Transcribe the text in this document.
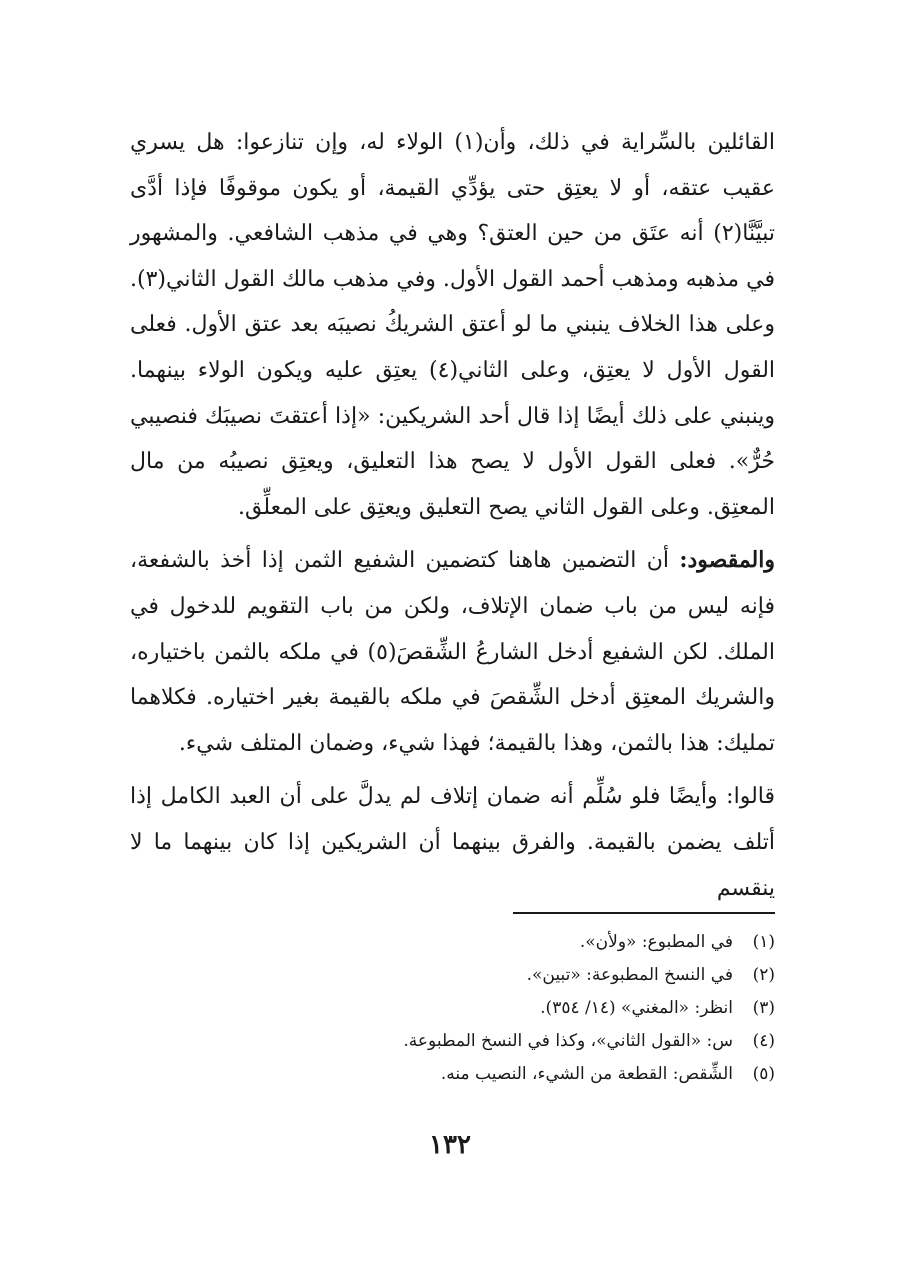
القائلين بالسِّراية في ذلك، وأن(١) الولاء له، وإن تنازعوا: هل يسري عقيب عتقه، أو لا يعتِق حتى يؤدِّي القيمة، أو يكون موقوفًا فإذا أدَّى تبيَّنَّا(٢) أنه عتَق من حين العتق؟ وهي في مذهب الشافعي. والمشهور في مذهبه ومذهب أحمد القول الأول. وفي مذهب مالك القول الثاني(٣). وعلى هذا الخلاف ينبني ما لو أعتق الشريكُ نصيبَه بعد عتق الأول. فعلى القول الأول لا يعتِق، وعلى الثاني(٤) يعتِق عليه ويكون الولاء بينهما. وينبني على ذلك أيضًا إذا قال أحد الشريكين: «إذا أعتقتَ نصيبَك فنصيبي حُرٌّ». فعلى القول الأول لا يصح هذا التعليق، ويعتِق نصيبُه من مال المعتِق. وعلى القول الثاني يصح التعليق ويعتِق على المعلِّق.

والمقصود: أن التضمين هاهنا كتضمين الشفيع الثمن إذا أخذ بالشفعة، فإنه ليس من باب ضمان الإتلاف، ولكن من باب التقويم للدخول في الملك. لكن الشفيع أدخل الشارعُ الشِّقصَ(٥) في ملكه بالثمن باختياره، والشريك المعتِق أدخل الشِّقصَ في ملكه بالقيمة بغير اختياره. فكلاهما تمليك: هذا بالثمن، وهذا بالقيمة؛ فهذا شيء، وضمان المتلف شيء.

قالوا: وأيضًا فلو سُلِّم أنه ضمان إتلاف لم يدلَّ على أن العبد الكامل إذا أتلف يضمن بالقيمة. والفرق بينهما أن الشريكين إذا كان بينهما ما لا ينقسم

(١)
في المطبوع: «ولأن».
(٢)
في النسخ المطبوعة: «تبين».
(٣)
انظر: «المغني» (١٤/ ٣٥٤).
(٤)
س: «القول الثاني»، وكذا في النسخ المطبوعة.
(٥)
الشِّقص: القطعة من الشيء، النصيب منه.
١٣٢
